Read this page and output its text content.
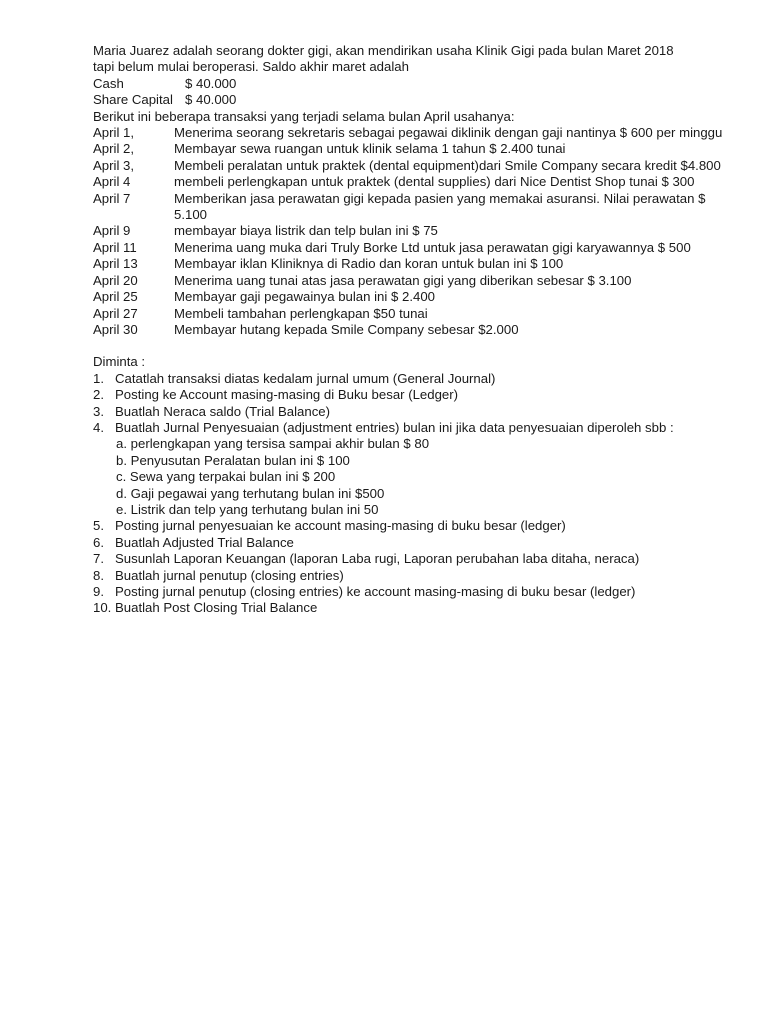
Maria Juarez adalah seorang dokter gigi, akan mendirikan usaha Klinik Gigi pada bulan Maret 2018

tapi belum mulai beroperasi. Saldo akhir maret adalah

Cash	$ 40.000
Share Capital $ 40.000
Berikut ini beberapa transaksi yang terjadi selama bulan April usahanya:
April 1,	Menerima seorang sekretaris sebagai pegawai diklinik dengan gaji nantinya $ 600 per minggu
April 2,	Membayar sewa ruangan untuk klinik selama 1 tahun $ 2.400 tunai
April 3,	Membeli peralatan untuk praktek (dental equipment)dari Smile Company secara kredit $4.800
April 4	membeli perlengkapan untuk praktek (dental supplies) dari Nice Dentist Shop tunai $ 300
April 7	Memberikan jasa perawatan gigi kepada pasien yang memakai asuransi. Nilai perawatan $ 5.100
April 9	membayar biaya listrik dan telp bulan ini $ 75
April 11	Menerima uang muka dari Truly Borke Ltd untuk jasa perawatan gigi karyawannya $ 500
April 13	Membayar iklan Kliniknya di Radio dan koran untuk bulan ini $ 100
April 20	Menerima uang tunai atas jasa perawatan gigi yang diberikan sebesar $ 3.100
April 25	Membayar gaji pegawainya bulan ini $ 2.400
April 27	Membeli tambahan perlengkapan $50 tunai
April 30	Membayar hutang kepada Smile Company sebesar $2.000
Diminta :
1. Catatlah transaksi diatas kedalam jurnal umum (General Journal)
2. Posting ke Account masing-masing di Buku besar (Ledger)
3. Buatlah Neraca saldo (Trial Balance)
4. Buatlah Jurnal Penyesuaian (adjustment entries) bulan ini jika data penyesuaian diperoleh sbb :
a. perlengkapan yang tersisa sampai akhir bulan $ 80
b. Penyusutan Peralatan bulan ini $ 100
c. Sewa yang terpakai bulan ini $ 200
d. Gaji pegawai yang terhutang bulan ini $500
e. Listrik dan telp yang terhutang bulan ini 50
5. Posting jurnal penyesuaian ke account masing-masing di buku besar (ledger)
6. Buatlah Adjusted Trial Balance
7. Susunlah Laporan Keuangan (laporan Laba rugi, Laporan perubahan laba ditaha, neraca)
8. Buatlah jurnal penutup (closing entries)
9. Posting jurnal penutup (closing entries) ke account masing-masing di buku besar (ledger)
10. Buatlah Post Closing Trial Balance
